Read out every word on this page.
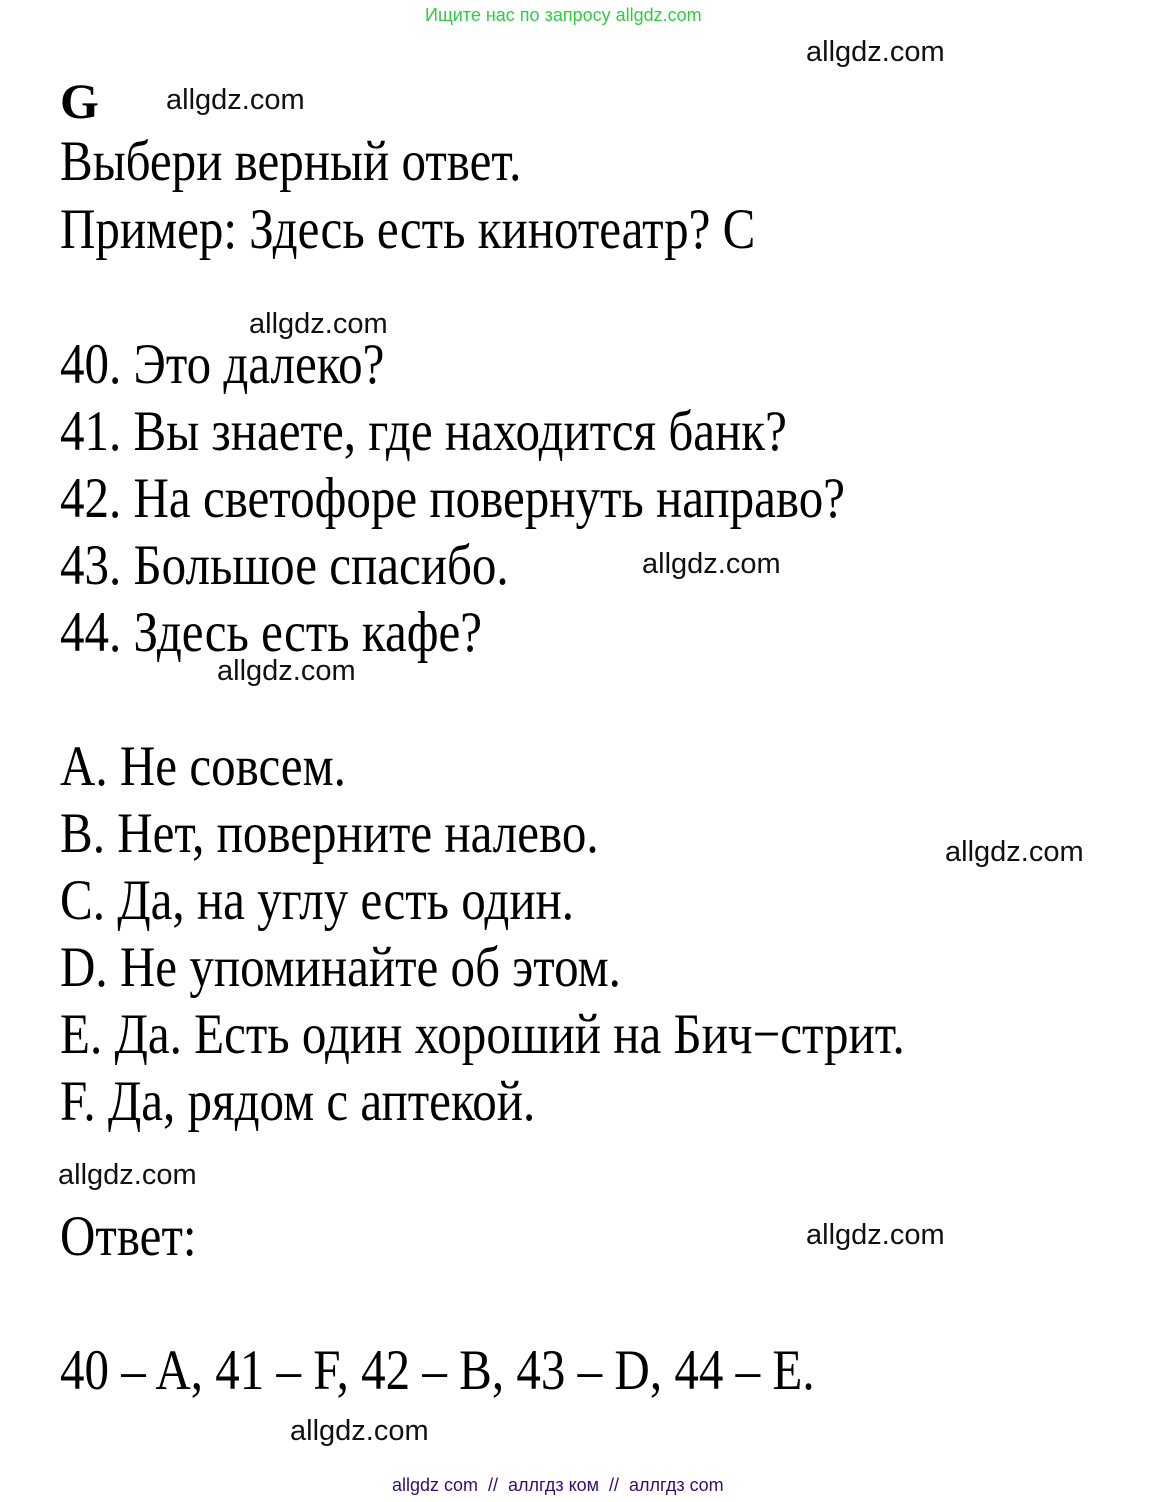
Ищите нас по запросу allgdz.com
allgdz.com
G allgdz.com
Выбери верный ответ.
Пример: Здесь есть кинотеатр? C
allgdz.com
40. Это далеко?
41. Вы знаете, где находится банк?
42. На светофоре повернуть направо?
43. Большое спасибо.
44. Здесь есть кафе?
allgdz.com
allgdz.com
A. Не совсем.
B. Нет, поверните налево.
C. Да, на углу есть один.
D. Не упоминайте об этом.
E. Да. Есть один хороший на Бич−стрит.
F. Да, рядом с аптекой.
allgdz.com
allgdz.com
Ответ:	allgdz.com
40 – A, 41 – F, 42 – B, 43 – D, 44 – E.
allgdz.com
allgdz com  //  аллгдз ком  //  аллгдз com
